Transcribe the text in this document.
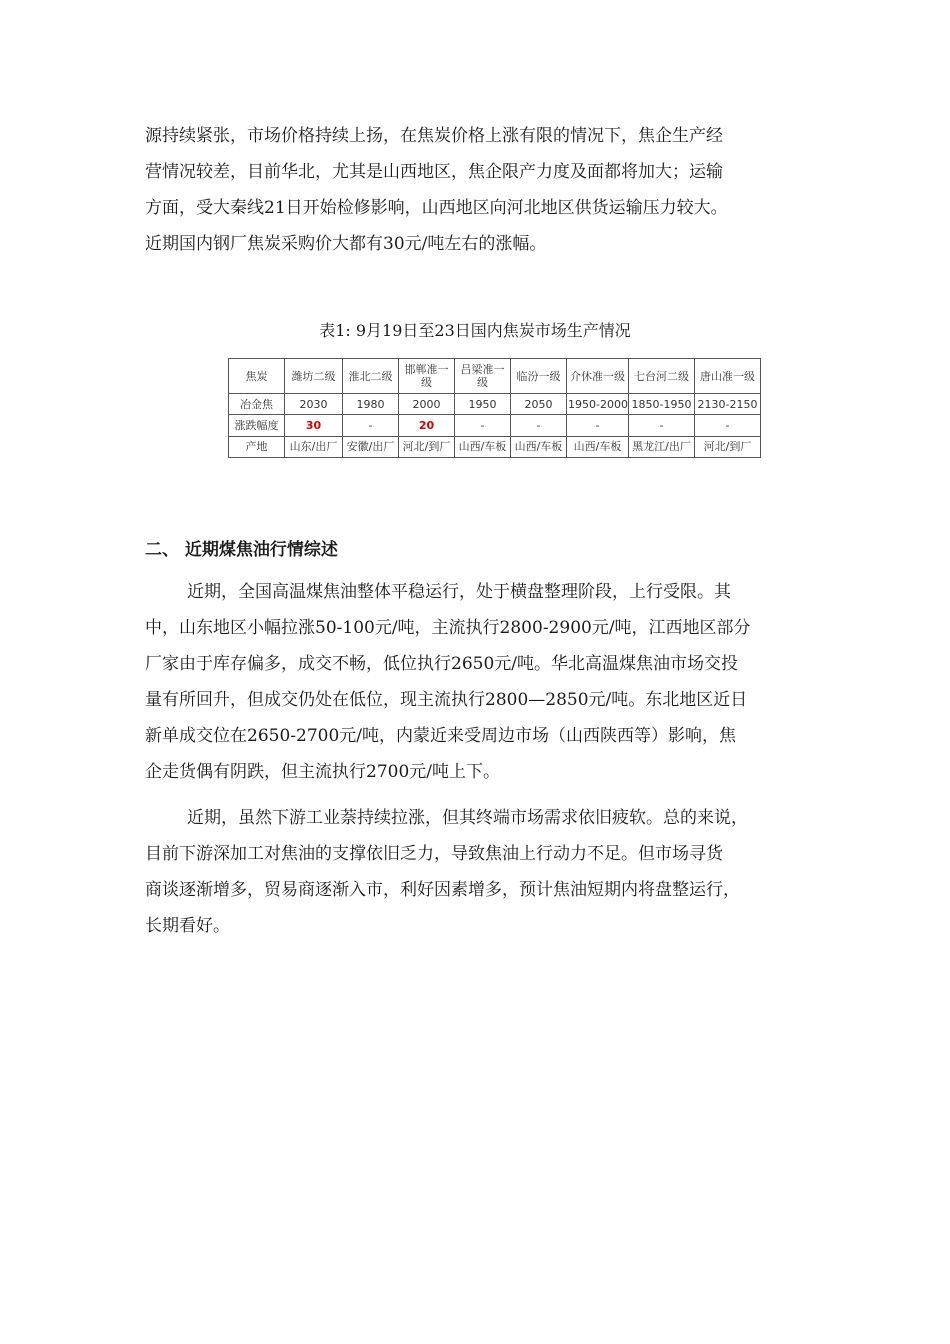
源持续紧张，市场价格持续上扬，在焦炭价格上涨有限的情况下，焦企生产经
营情况较差，目前华北，尤其是山西地区，焦企限产力度及面都将加大；运输
方面，受大秦线21日开始检修影响，山西地区向河北地区供货运输压力较大。
近期国内钢厂焦炭采购价大都有30元/吨左右的涨幅。

表1: 9月19日至23日国内焦炭市场生产情况
焦炭	潍坊二级	淮北二级	邯郸准一级	吕梁准一级	临汾一级	介休准一级	七台河二级	唐山准一级
冶金焦	2030	1980	2000	1950	2050	1950-2000	1850-1950	2130-2150
涨跌幅度	30	-	20	-	-	-	-	-
产地	山东/出厂	安徽/出厂	河北/到厂	山西/车板	山西/车板	山西/车板	黑龙江/出厂	河北/到厂
二、 近期煤焦油行情综述

近期，全国高温煤焦油整体平稳运行，处于横盘整理阶段，上行受限。其
中，山东地区小幅拉涨50-100元/吨，主流执行2800-2900元/吨，江西地区部分
厂家由于库存偏多，成交不畅，低位执行2650元/吨。华北高温煤焦油市场交投
量有所回升，但成交仍处在低位，现主流执行2800—2850元/吨。东北地区近日
新单成交位在2650-2700元/吨，内蒙近来受周边市场（山西陕西等）影响，焦
企走货偶有阴跌，但主流执行2700元/吨上下。

近期，虽然下游工业萘持续拉涨，但其终端市场需求依旧疲软。总的来说，
目前下游深加工对焦油的支撑依旧乏力，导致焦油上行动力不足。但市场寻货
商谈逐渐增多，贸易商逐渐入市，利好因素增多，预计焦油短期内将盘整运行，
长期看好。
